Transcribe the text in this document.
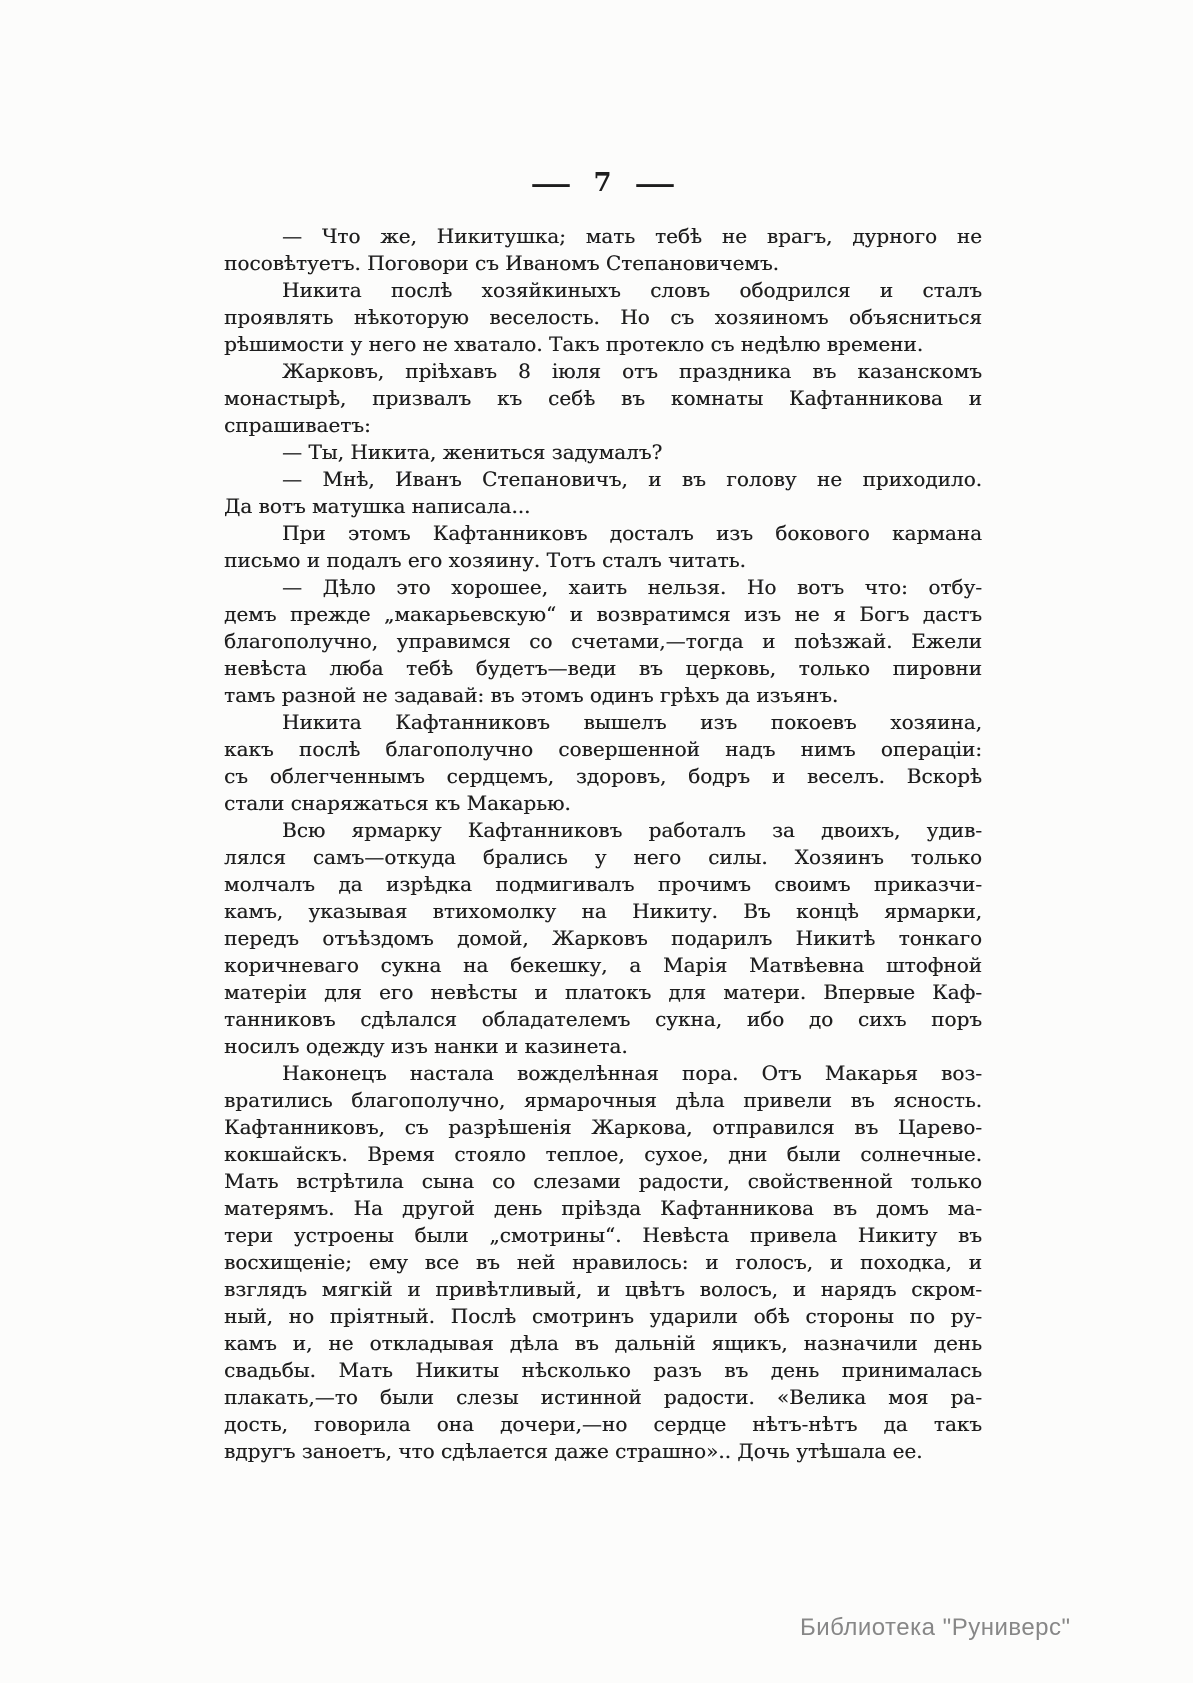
— 7 —

— Что же, Никитушка; мать тебѣ не врагъ, дурного не
посовѣтуетъ. Поговори съ Иваномъ Степановичемъ.

Никита послѣ хозяйкиныхъ словъ ободрился и сталъ
проявлять нѣкоторую веселость. Но съ хозяиномъ объясниться
рѣшимости у него не хватало. Такъ протекло съ недѣлю времени.

Жарковъ, пріѣхавъ 8 іюля отъ праздника въ казанскомъ
монастырѣ, призвалъ къ себѣ въ комнаты Кафтанникова и
спрашиваетъ:

— Ты, Никита, жениться задумалъ?

— Мнѣ, Иванъ Степановичъ, и въ голову не приходило.
Да вотъ матушка написала...

При этомъ Кафтанниковъ досталъ изъ бокового кармана
письмо и подалъ его хозяину. Тотъ сталъ читать.

— Дѣло это хорошее, хаить нельзя. Но вотъ что: отбу-
демъ прежде „макарьевскую“ и возвратимся изъ не я Богъ дастъ
благополучно, управимся со счетами,—тогда и поѣзжай. Ежели
невѣста люба тебѣ будетъ—веди въ церковь, только пировни
тамъ разной не задавай: въ этомъ одинъ грѣхъ да изъянъ.

Никита Кафтанниковъ вышелъ изъ покоевъ хозяина,
какъ послѣ благополучно совершенной надъ нимъ операціи:
съ облегченнымъ сердцемъ, здоровъ, бодръ и веселъ. Вскорѣ
стали снаряжаться къ Макарью.

Всю ярмарку Кафтанниковъ работалъ за двоихъ, удив-
лялся самъ—откуда брались у него силы. Хозяинъ только
молчалъ да изрѣдка подмигивалъ прочимъ своимъ приказчи-
камъ, указывая втихомолку на Никиту. Въ концѣ ярмарки,
передъ отъѣздомъ домой, Жарковъ подарилъ Никитѣ тонкаго
коричневаго сукна на бекешку, а Марія Матвѣевна штофной
матеріи для его невѣсты и платокъ для матери. Впервые Каф-
танниковъ сдѣлался обладателемъ сукна, ибо до сихъ поръ
носилъ одежду изъ нанки и казинета.

Наконецъ настала вожделѣнная пора. Отъ Макарья воз-
вратились благополучно, ярмарочныя дѣла привели въ ясность.
Кафтанниковъ, съ разрѣшенія Жаркова, отправился въ Царево-
кокшайскъ. Время стояло теплое, сухое, дни были солнечные.
Мать встрѣтила сына со слезами радости, свойственной только
матерямъ. На другой день пріѣзда Кафтанникова въ домъ ма-
тери устроены были „смотрины“. Невѣста привела Никиту въ
восхищеніе; ему все въ ней нравилось: и голосъ, и походка, и
взглядъ мягкій и привѣтливый, и цвѣтъ волосъ, и нарядъ скром-
ный, но пріятный. Послѣ смотринъ ударили обѣ стороны по ру-
камъ и, не откладывая дѣла въ дальній ящикъ, назначили день
свадьбы. Мать Никиты нѣсколько разъ въ день принималась
плакать,—то были слезы истинной радости. «Велика моя ра-
дость, говорила она дочери,—но сердце нѣтъ-нѣтъ да такъ
вдругъ заноетъ, что сдѣлается даже страшно».. Дочь утѣшала ее.

Библиотека "Руниверс"
